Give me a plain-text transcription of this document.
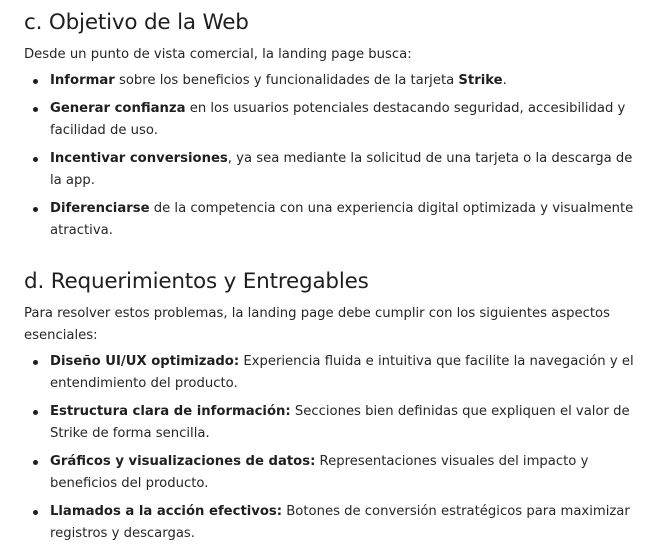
c. Objetivo de la Web

Desde un punto de vista comercial, la landing page busca:

Informar sobre los beneficios y funcionalidades de la tarjeta Strike.
Generar confianza en los usuarios potenciales destacando seguridad, accesibilidad y facilidad de uso.
Incentivar conversiones, ya sea mediante la solicitud de una tarjeta o la descarga de la app.
Diferenciarse de la competencia con una experiencia digital optimizada y visualmente atractiva.
d. Requerimientos y Entregables

Para resolver estos problemas, la landing page debe cumplir con los siguientes aspectos esenciales:

Diseño UI/UX optimizado: Experiencia fluida e intuitiva que facilite la navegación y el entendimiento del producto.
Estructura clara de información: Secciones bien definidas que expliquen el valor de Strike de forma sencilla.
Gráficos y visualizaciones de datos: Representaciones visuales del impacto y beneficios del producto.
Llamados a la acción efectivos: Botones de conversión estratégicos para maximizar registros y descargas.
